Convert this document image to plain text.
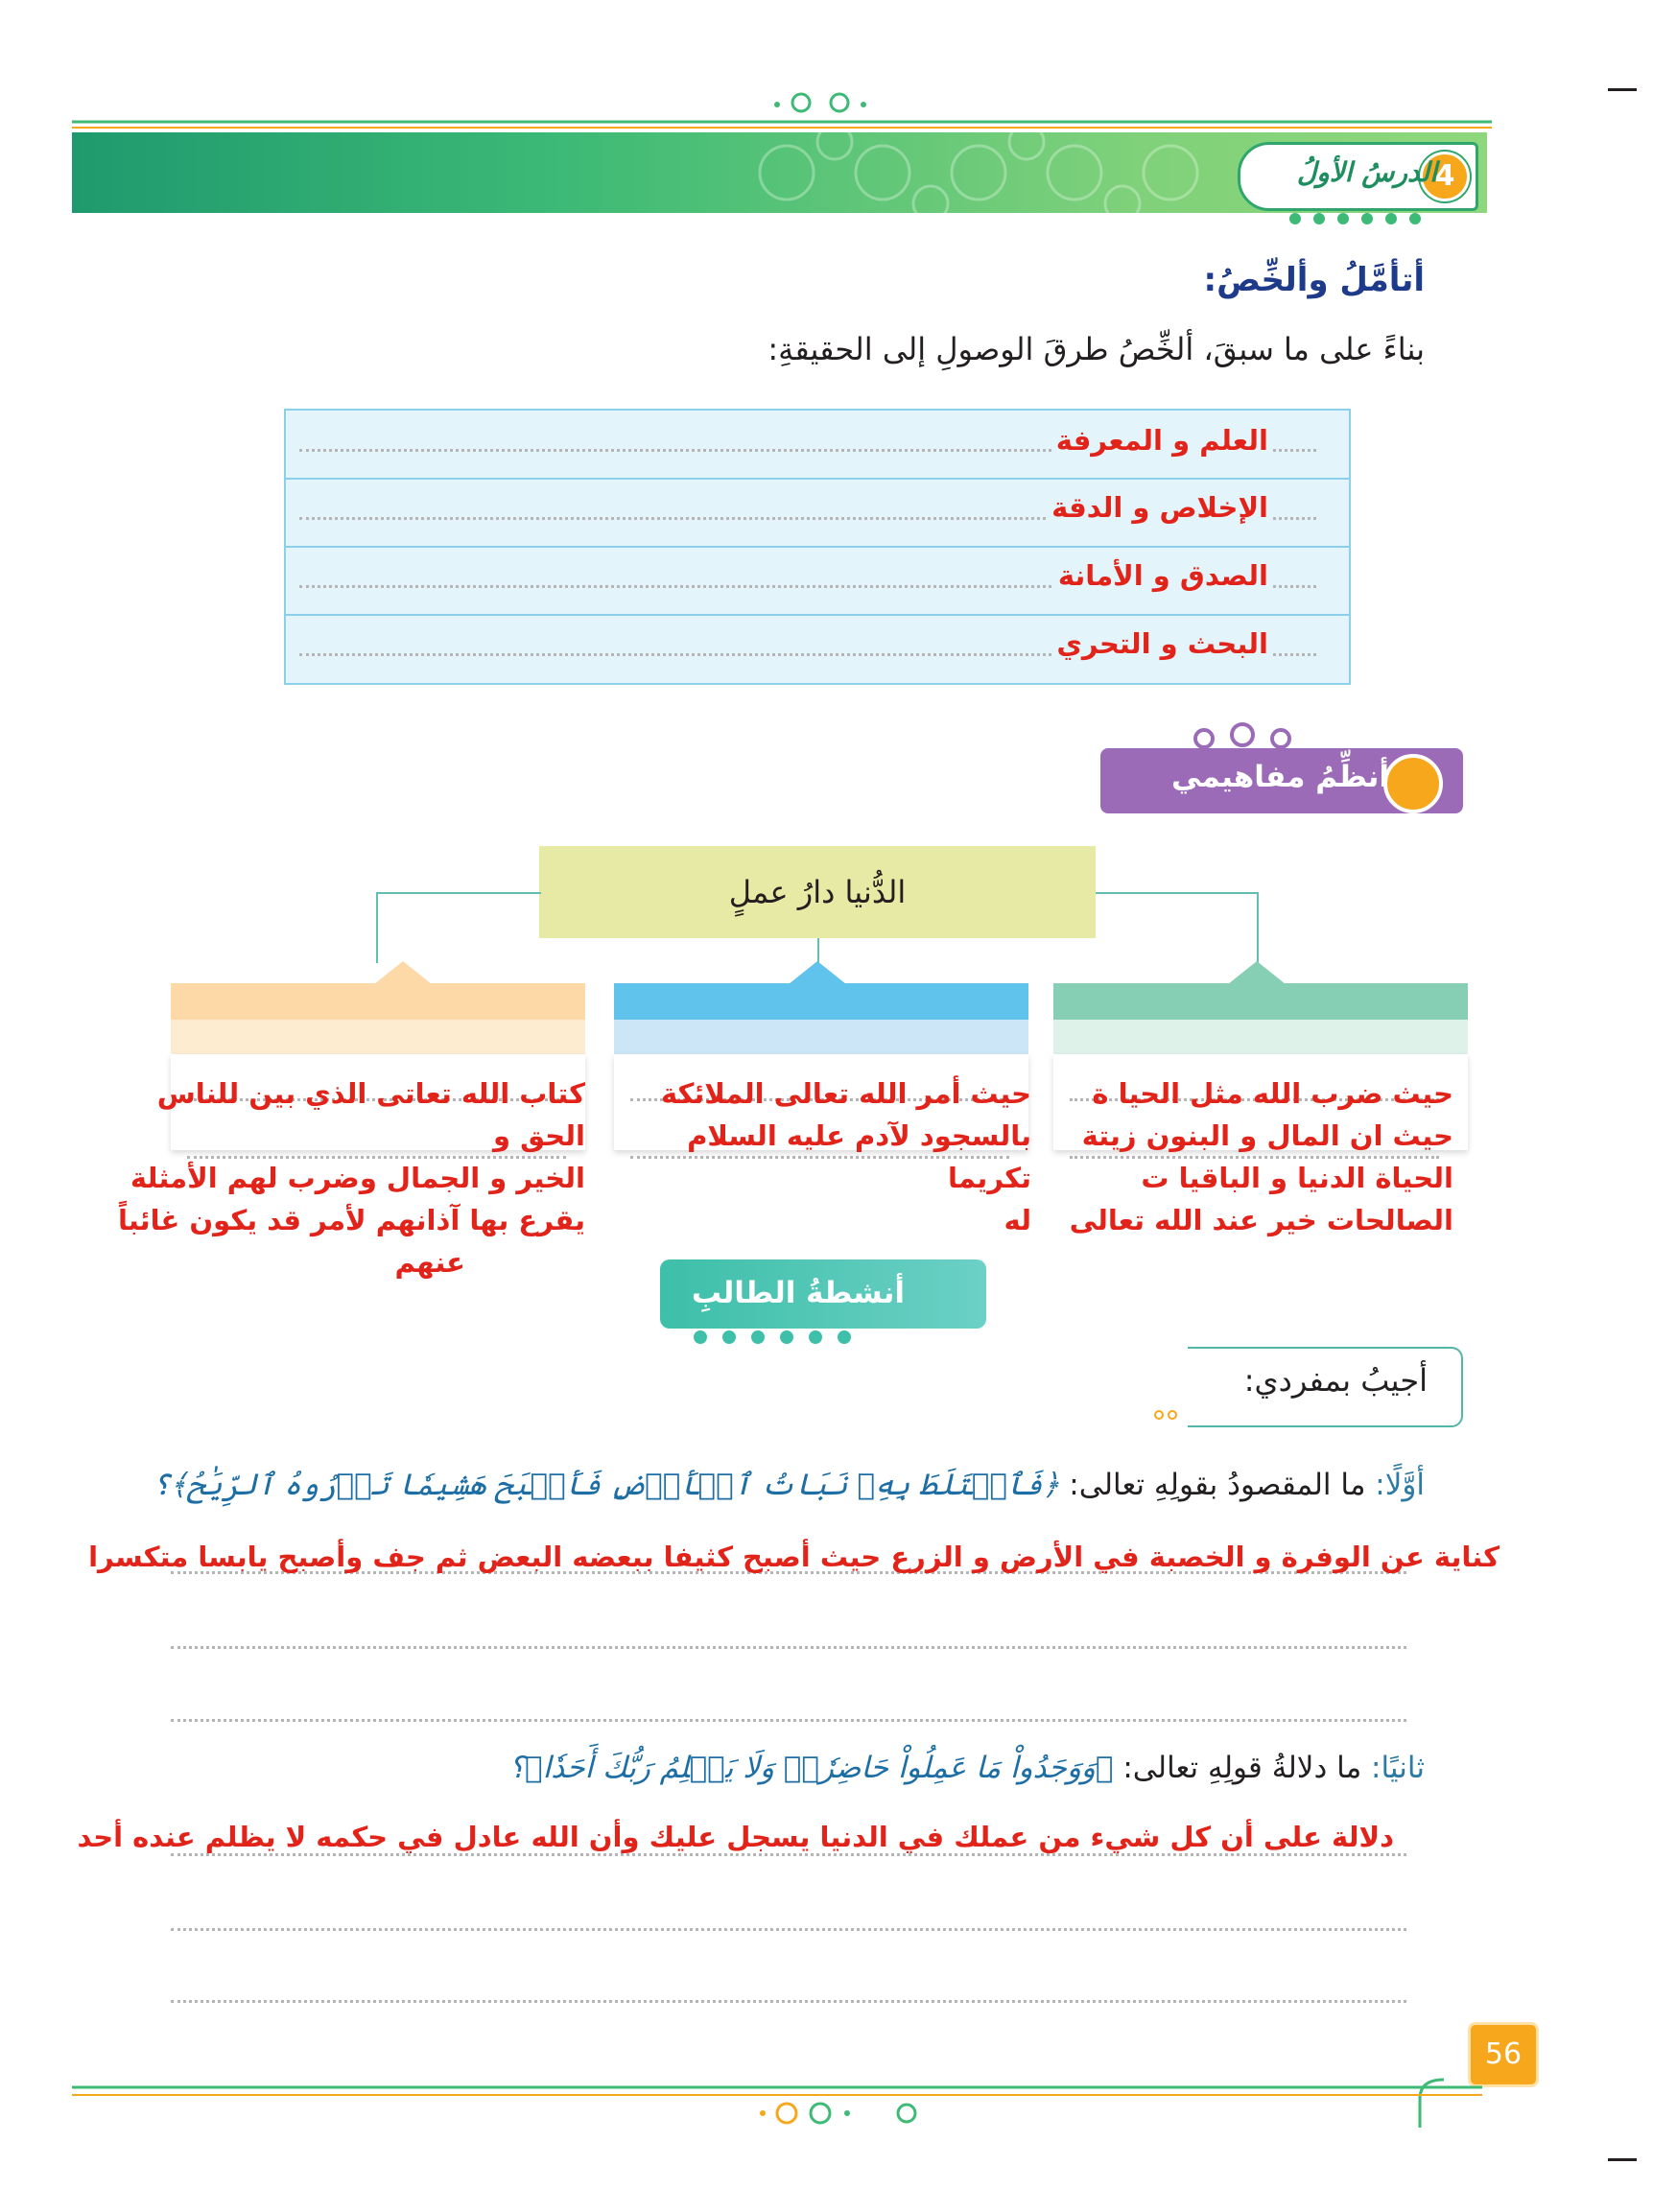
4
الدرسُ الأولُ
أتأمَّلُ وألخِّصُ:
بناءً على ما سبقَ، ألخِّصُ طرقَ الوصولِ إلى الحقيقةِ:
العلم و المعرفة
الإخلاص و الدقة
الصدق و الأمانة
البحث و التحري
أنظِّمُ مفاهيمي
الدُّنيا دارُ عملٍ
حيث ضرب الله مثل الحيا ة
حيث ان المال و البنون زيتة
الحياة الدنيا و الباقيا ت
الصالحات خير عند الله تعالى
حيث أمر الله تعالى الملائكة
بالسجود لآدم عليه السلام تكريما
له
كتاب الله تعاتى الذي بين للناس الحق و
الخير و الجمال وضرب لهم الأمثلة
يقرع بها آذانهم لأمر قد يكون غائباً
عنهم
أنشطةُ الطالبِ
أجيبُ بمفردي:
أوَّلًا: ما المقصودُ بقولِهِ تعالى: ﴿فَٱخۡتَلَطَ بِهِۦ نَبَاتُ ٱلۡأَرۡضِ فَأَصۡبَحَ هَشِيمٗا تَذۡرُوهُ ٱلرِّيَٰحُ﴾؟
كناية عن الوفرة و الخصبة في الأرض و الزرع حيث أصبح كثيفا ببعضه البعض ثم جف وأصبح يابسا متكسرا
ثانيًا: ما دلالةُ قولِهِ تعالى: ﴿وَوَجَدُواْ مَا عَمِلُواْ حَاضِرٗاۗ وَلَا يَظۡلِمُ رَبُّكَ أَحَدٗا﴾؟
دلالة على أن كل شيء من عملك في الدنيا يسجل عليك وأن الله عادل في حكمه لا يظلم عنده أحد
56
